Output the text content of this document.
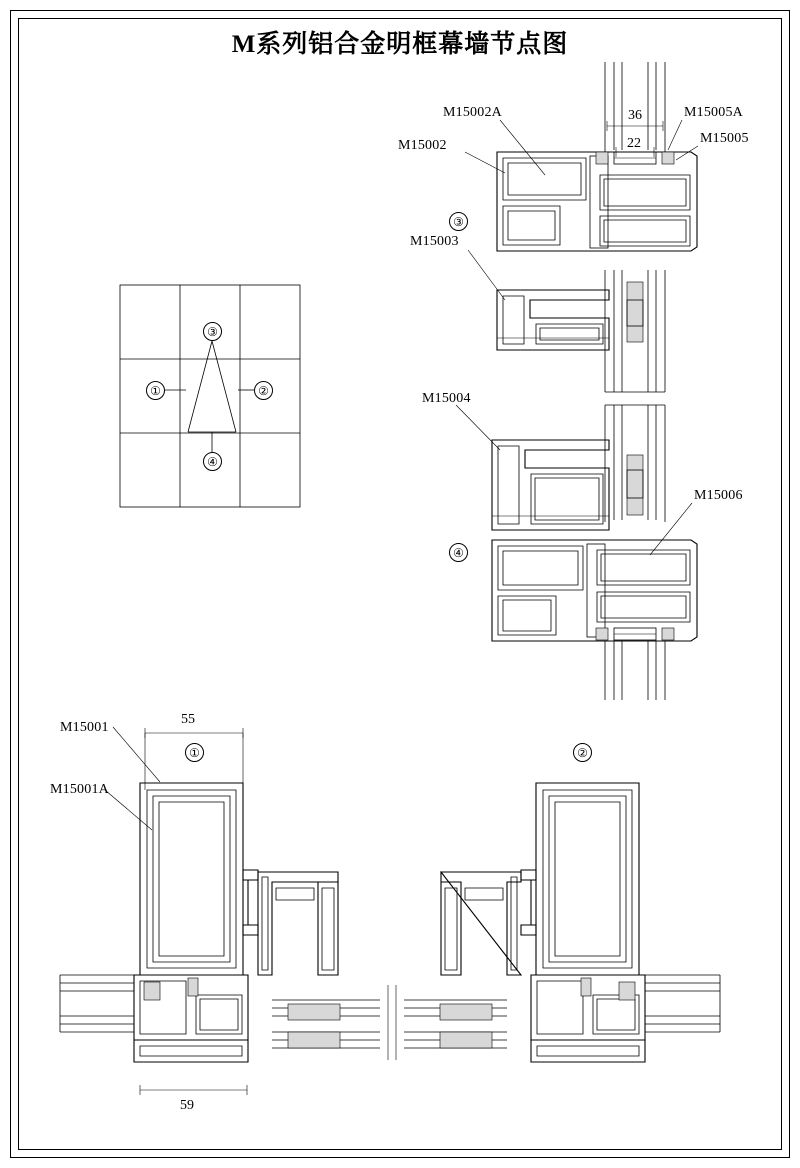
M系列铝合金明框幕墙节点图
M15002A
M15002
M15005A
M15005
M15003
M15004
M15006
M15001
M15001A
36
22
55
59
③
①	②
④
③
④
①	②
